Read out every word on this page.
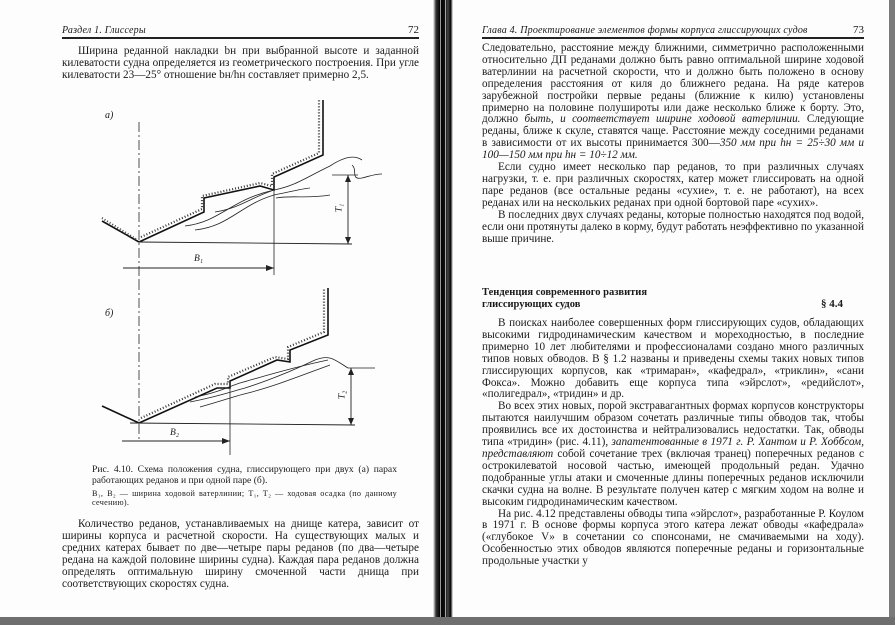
Раздел 1. Глиссеры	72

Ширина реданной накладки bн при выбранной высоте и заданной килеватости судна определяется из геометрического построения. При угле килеватости 23—25° отношение bн/hн составляет примерно 2,5.

а)
T₁
B₁
б)
T₂
B₂
Рис. 4.10. Схема положения судна, глиссирующего при двух (а) парах работающих реданов и при одной паре (б).
B₁, B₂ — ширина ходовой ватерлинии; T₁, T₂ — ходовая осадка (по данному сечению).

Количество реданов, устанавливаемых на днище катера, зависит от ширины корпуса и расчетной скорости. На существующих малых и средних катерах бывает по две—четыре пары реданов (по два—четыре редана на каждой половине ширины судна). Каждая пара реданов должна определять оптимальную ширину смоченной части днища при соответствующих скоростях судна.

Глава 4. Проектирование элементов формы корпуса глиссирующих судов	73

Следовательно, расстояние между ближними, симметрично расположенными относительно ДП реданами должно быть равно оптимальной ширине ходовой ватерлинии на расчетной скорости, что и должно быть положено в основу определения расстояния от киля до ближнего редана. На ряде катеров зарубежной постройки первые реданы (ближние к килю) установлены примерно на половине полуширoты или даже несколько ближе к борту. Это, должно быть, и соответствует ширине ходовой ватерлинии. Следующие реданы, ближе к скуле, ставятся чаще. Расстояние между соседними реданами в зависимости от их высоты принимается 300—350 мм при hн = 25÷30 мм и 100—150 мм при hн = 10÷12 мм.

Если судно имеет несколько пар реданов, то при различных случаях нагрузки, т. е. при различных скоростях, катер может глиссировать на одной паре реданов (все остальные реданы «сухие», т. е. не работают), на всех реданах или на нескольких реданах при одной бортовой паре «сухих».

В последних двух случаях реданы, которые полностью находятся под водой, если они протянуты далеко в корму, будут работать неэффективно по указанной выше причине.

Тенденция современного развития
глиссирующих судов	§ 4.4

В поисках наиболее совершенных форм глиссирующих судов, обладающих высокими гидродинамическим качеством и мореходностью, в последние примерно 10 лет любителями и профессионалами создано много различных типов новых обводов. В § 1.2 названы и приведены схемы таких новых типов глиссирующих корпусов, как «тримаран», «кафедрал», «триклин», «сани Фокса». Можно добавить еще корпуса типа «эйрслот», «редийслот», «полигедрал», «тридин» и др.

Во всех этих новых, порой экстравагантных формах корпусов конструкторы пытаются наилучшим образом сочетать различные типы обводов так, чтобы проявились все их достоинства и нейтрализовались недостатки. Так, обводы типа «тридин» (рис. 4.11), запатентованные в 1971 г. Р. Хантом и Р. Хоббсом, представляют собой сочетание трех (включая транец) поперечных реданов с острокилеватой носовой частью, имеющей продольный редан. Удачно подобранные углы атаки и смоченные длины поперечных реданов исключили скачки судна на волне. В результате получен катер с мягким ходом на волне и высоким гидродинамическим качеством.

На рис. 4.12 представлены обводы типа «эйрслот», разработанные Р. Коулом в 1971 г. В основе формы корпуса этого катера лежат обводы «кафедрала» («глубокое V» в сочетании со спонсонами, не смачиваемыми на ходу). Особенностью этих обводов являются поперечные реданы и горизонтальные продольные участки у
